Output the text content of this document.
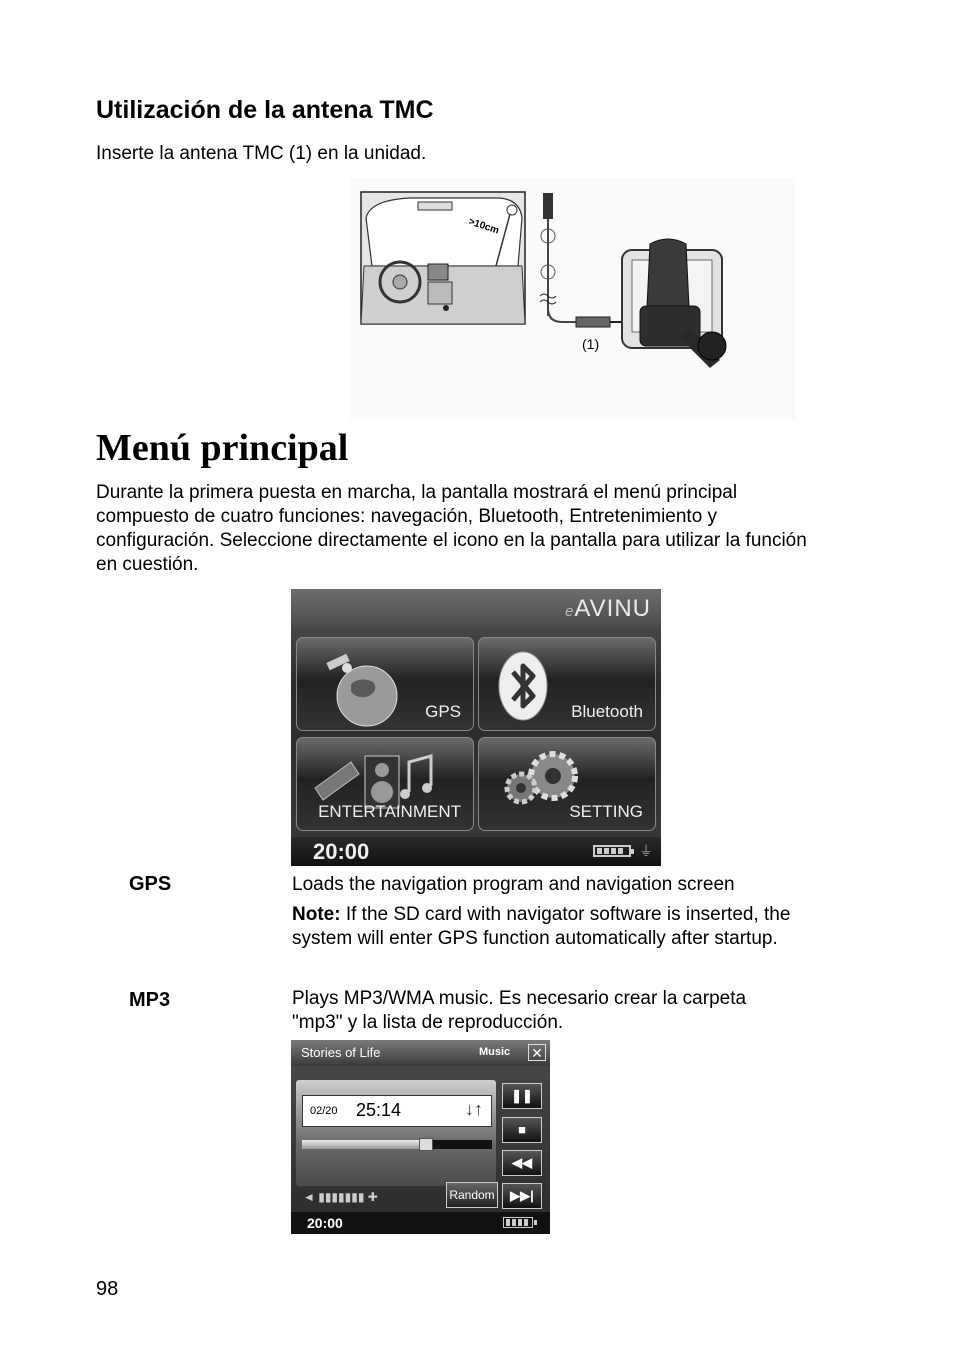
Utilización de la antena TMC
Inserte la antena TMC (1) en la unidad.
>10cm
(1)
Menú principal
Durante la primera puesta en marcha, la pantalla mostrará el menú principal compuesto de cuatro funciones: navegación, Bluetooth, Entretenimiento y configuración. Seleccione directamente el icono en la pantalla para utilizar la función en cuestión.
eAVINU
GPS	Bluetooth
ENTERTAINMENT	SETTING
20:00	⏚
GPS	Loads the navigation program and navigation screen
Note: If the SD card with navigator software is inserted, the system will enter GPS function automatically after startup.
MP3	Plays MP3/WMA music. Es necesario crear la carpeta "mp3" y la lista de reproducción.
Stories of Life	Music ✕
02/20 25:14	↓↑
❚❚
■
◀◀
▶▶|
Random
◄ ▮▮▮▮▮▮▮ ✚
20:00
98
